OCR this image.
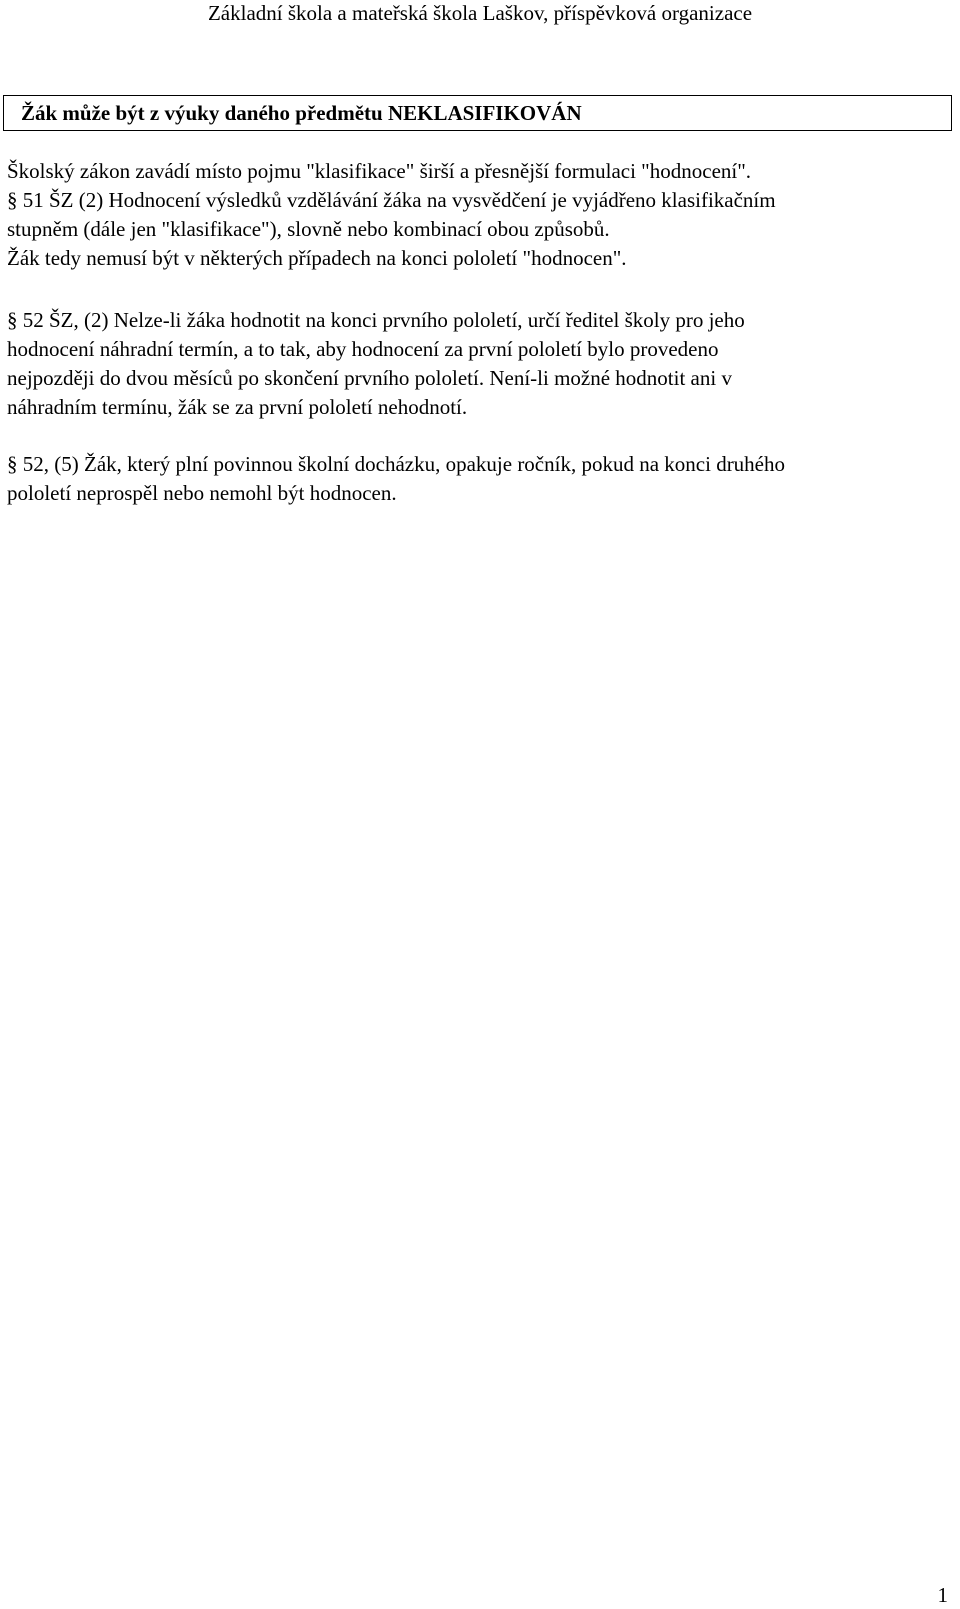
Základní škola a mateřská škola Laškov, příspěvková organizace
Žák může být z výuky daného předmětu NEKLASIFIKOVÁN

Školský zákon zavádí místo pojmu "klasifikace" širší a přesnější formulaci "hodnocení".
§ 51 ŠZ (2) Hodnocení výsledků vzdělávání žáka na vysvědčení je vyjádřeno klasifikačním
stupněm (dále jen "klasifikace"), slovně nebo kombinací obou způsobů.
Žák tedy nemusí být v některých případech na konci pololetí "hodnocen".

§ 52 ŠZ, (2) Nelze-li žáka hodnotit na konci prvního pololetí, určí ředitel školy pro jeho
hodnocení náhradní termín, a to tak, aby hodnocení za první pololetí bylo provedeno
nejpozději do dvou měsíců po skončení prvního pololetí. Není-li možné hodnotit ani v
náhradním termínu, žák se za první pololetí nehodnotí.

§ 52, (5) Žák, který plní povinnou školní docházku, opakuje ročník, pokud na konci druhého
pololetí neprospěl nebo nemohl být hodnocen.

1
